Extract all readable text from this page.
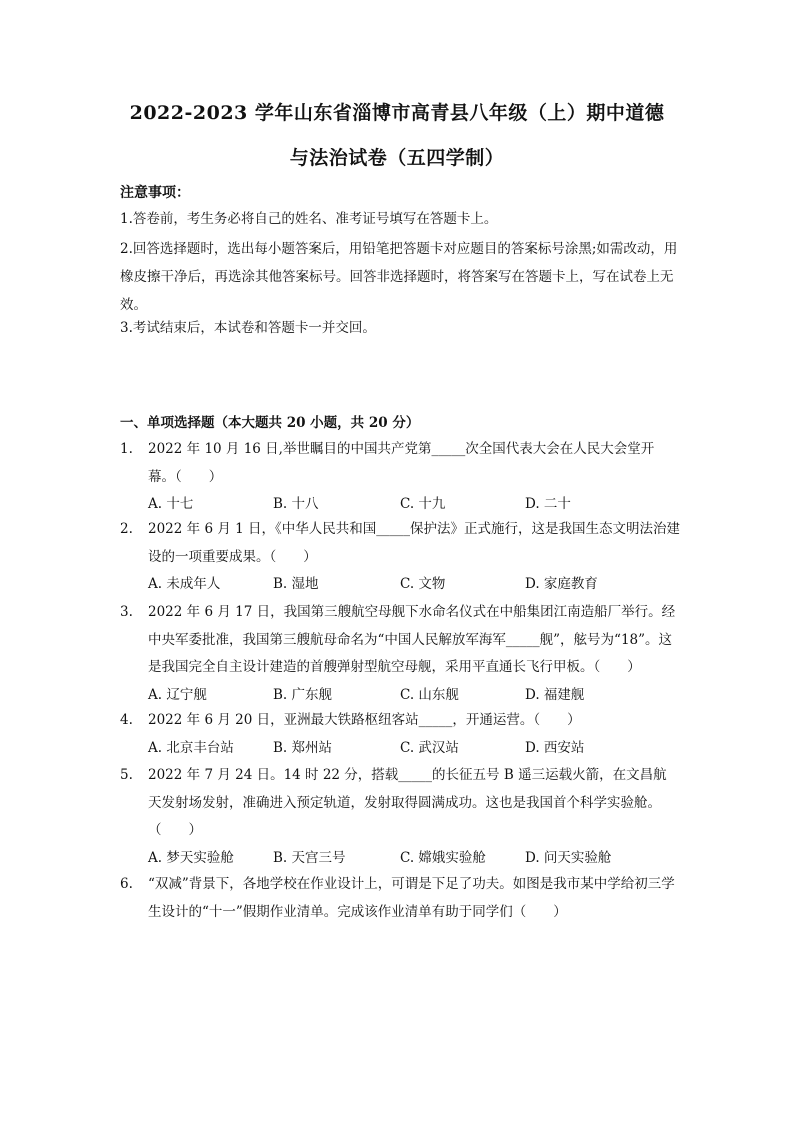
2022-2023 学年山东省淄博市高青县八年级（上）期中道德
与法治试卷（五四学制）
注意事项：
1.答卷前，考生务必将自己的姓名、准考证号填写在答题卡上。
2.回答选择题时，选出每小题答案后，用铅笔把答题卡对应题目的答案标号涂黑;如需改动，用橡皮擦干净后，再选涂其他答案标号。回答非选择题时，将答案写在答题卡上，写在试卷上无效。
3.考试结束后，本试卷和答题卡一并交回。
一、单项选择题（本大题共 20 小题，共 20 分）
1. 2022 年 10 月 16 日,举世瞩目的中国共产党第_____次全国代表大会在人民大会堂开幕。（　　）
A. 十七	B. 十八	C. 十九	D. 二十
2. 2022 年 6 月 1 日，《中华人民共和国_____保护法》正式施行，这是我国生态文明法治建设的一项重要成果。（　　）
A. 未成年人	B. 湿地	C. 文物	D. 家庭教育
3. 2022 年 6 月 17 日，我国第三艘航空母舰下水命名仪式在中船集团江南造船厂举行。经中央军委批准，我国第三艘航母命名为“中国人民解放军海军_____舰”，舷号为“18”。这是我国完全自主设计建造的首艘弹射型航空母舰，采用平直通长飞行甲板。（　　）
A. 辽宁舰	B. 广东舰	C. 山东舰	D. 福建舰
4. 2022 年 6 月 20 日，亚洲最大铁路枢纽客站_____，开通运营。（　　）
A. 北京丰台站	B. 郑州站	C. 武汉站	D. 西安站
5. 2022 年 7 月 24 日。14 时 22 分，搭载_____的长征五号 B 遥三运载火箭，在文昌航天发射场发射，准确进入预定轨道，发射取得圆满成功。这也是我国首个科学实验舱。（　　）
A. 梦天实验舱	B. 天宫三号	C. 嫦娥实验舱	D. 问天实验舱
6. “双减”背景下，各地学校在作业设计上，可谓是下足了功夫。如图是我市某中学给初三学生设计的“十一”假期作业清单。完成该作业清单有助于同学们（　　）
